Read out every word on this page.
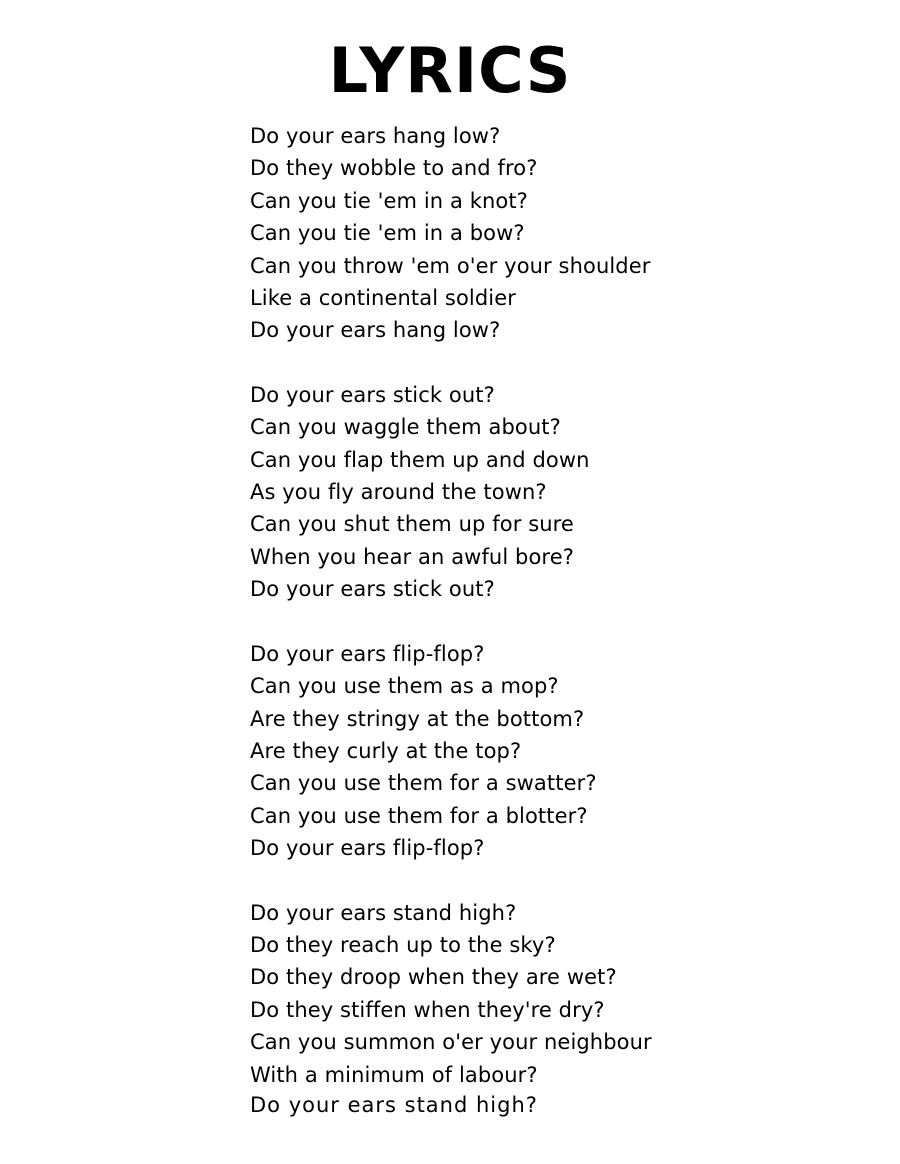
LYRICS
Do your ears hang low?
Do they wobble to and fro?
Can you tie 'em in a knot?
Can you tie 'em in a bow?
Can you throw 'em o'er your shoulder
Like a continental soldier
Do your ears hang low?
Do your ears stick out?
Can you waggle them about?
Can you flap them up and down
As you fly around the town?
Can you shut them up for sure
When you hear an awful bore?
Do your ears stick out?
Do your ears flip-flop?
Can you use them as a mop?
Are they stringy at the bottom?
Are they curly at the top?
Can you use them for a swatter?
Can you use them for a blotter?
Do your ears flip-flop?
Do your ears stand high?
Do they reach up to the sky?
Do they droop when they are wet?
Do they stiffen when they're dry?
Can you summon o'er your neighbour
With a minimum of labour?
Do your ears stand high?
